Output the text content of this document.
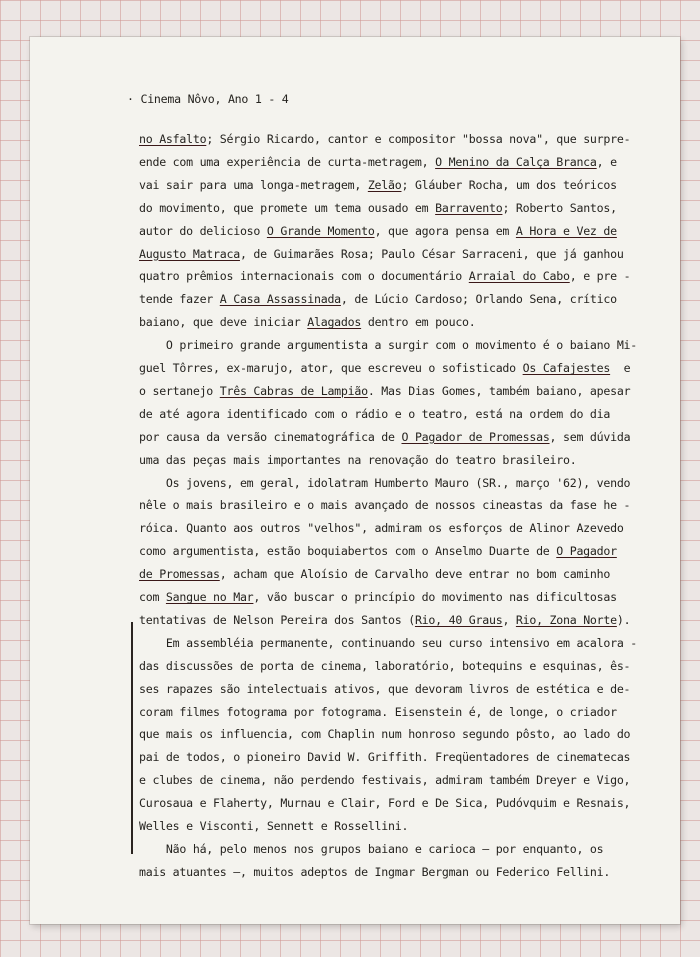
· Cinema Nôvo, Ano 1 - 4
no Asfalto; Sérgio Ricardo, cantor e compositor "bossa nova", que surpre-
ende com uma experiência de curta-metragem, O Menino da Calça Branca, e
vai sair para uma longa-metragem, Zelão; Gláuber Rocha, um dos teóricos
do movimento, que promete um tema ousado em Barravento; Roberto Santos,
autor do delicioso O Grande Momento, que agora pensa em A Hora e Vez de
Augusto Matraca, de Guimarães Rosa; Paulo César Sarraceni, que já ganhou
quatro prêmios internacionais com o documentário Arraial do Cabo, e pre -
tende fazer A Casa Assassinada, de Lúcio Cardoso; Orlando Sena, crítico
baiano, que deve iniciar Alagados dentro em pouco.
O primeiro grande argumentista a surgir com o movimento é o baiano Mi-
guel Tôrres, ex-marujo, ator, que escreveu o sofisticado Os Cafajestes  e
o sertanejo Três Cabras de Lampião. Mas Dias Gomes, também baiano, apesar
de até agora identificado com o rádio e o teatro, está na ordem do dia
por causa da versão cinematográfica de O Pagador de Promessas, sem dúvida
uma das peças mais importantes na renovação do teatro brasileiro.
Os jovens, em geral, idolatram Humberto Mauro (SR., março '62), vendo
nêle o mais brasileiro e o mais avançado de nossos cineastas da fase he -
róica. Quanto aos outros "velhos", admiram os esforços de Alinor Azevedo
como argumentista, estão boquiabertos com o Anselmo Duarte de O Pagador
de Promessas, acham que Aloísio de Carvalho deve entrar no bom caminho
com Sangue no Mar, vão buscar o princípio do movimento nas dificultosas
tentativas de Nelson Pereira dos Santos (Rio, 40 Graus, Rio, Zona Norte).
Em assembléia permanente, continuando seu curso intensivo em acalora -
das discussões de porta de cinema, laboratório, botequins e esquinas, ês-
ses rapazes são intelectuais ativos, que devoram livros de estética e de-
coram filmes fotograma por fotograma. Eisenstein é, de longe, o criador
que mais os influencia, com Chaplin num honroso segundo pôsto, ao lado do
pai de todos, o pioneiro David W. Griffith. Freqüentadores de cinematecas
e clubes de cinema, não perdendo festivais, admiram também Dreyer e Vigo,
Curosaua e Flaherty, Murnau e Clair, Ford e De Sica, Pudóvquim e Resnais,
Welles e Visconti, Sennett e Rossellini.
Não há, pelo menos nos grupos baiano e carioca — por enquanto, os
mais atuantes —, muitos adeptos de Ingmar Bergman ou Federico Fellini.
